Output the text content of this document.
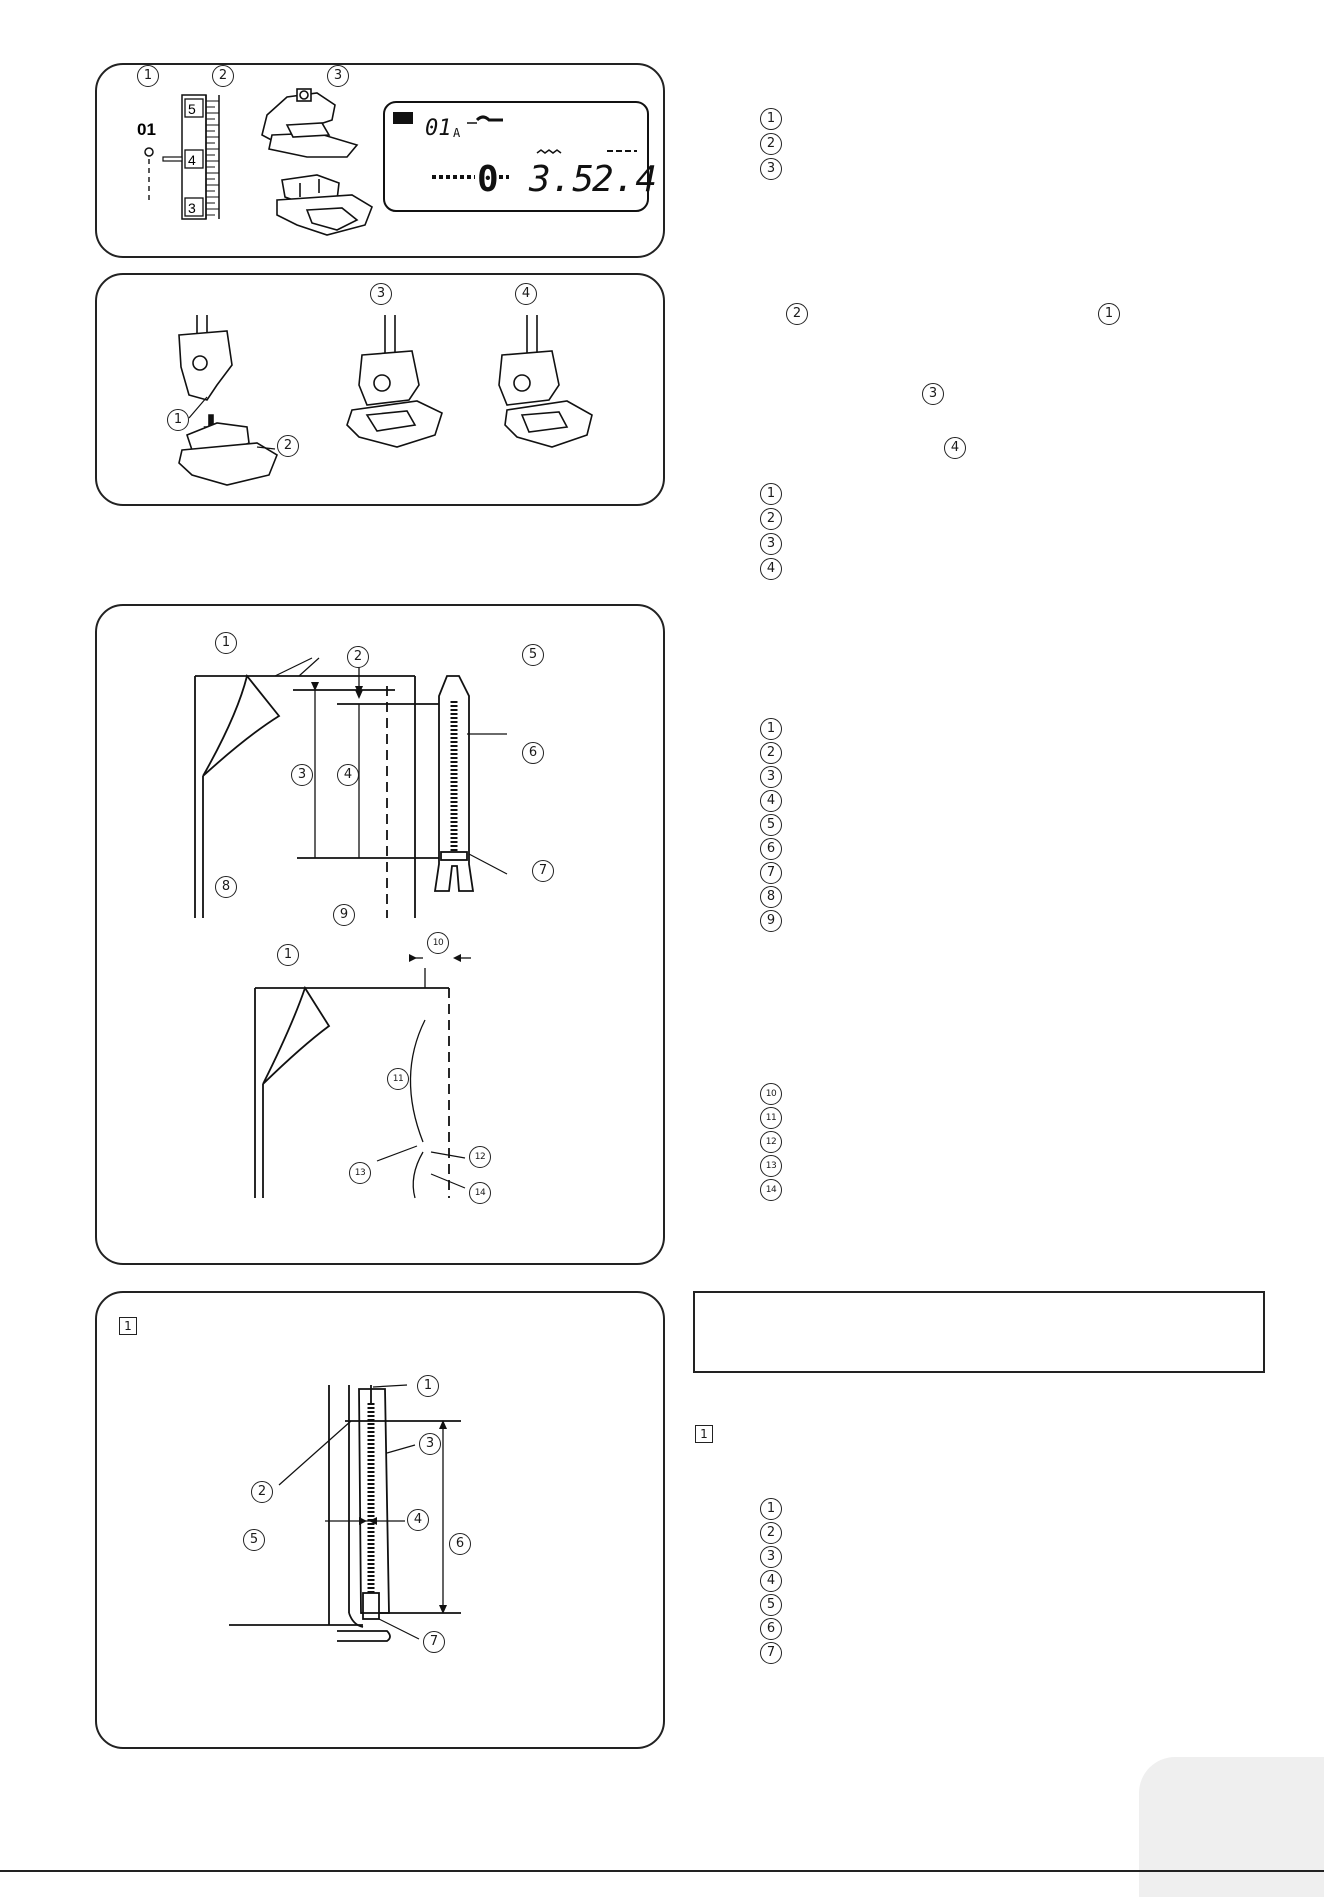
01 A
0 3.5
2.4
01
5
4
3
1	2	3
1
2
3
1
2
3	4
2	1
3
4
1
2
3
4
1
2	5
3	4
6
7
8
9
10
1
11
12
13
14
1
2
3
4
5
6
7
8
9
10
11
12
13
14
1
1
2
3
4
5	6
7
1
1
2
3
4
5
6
7
